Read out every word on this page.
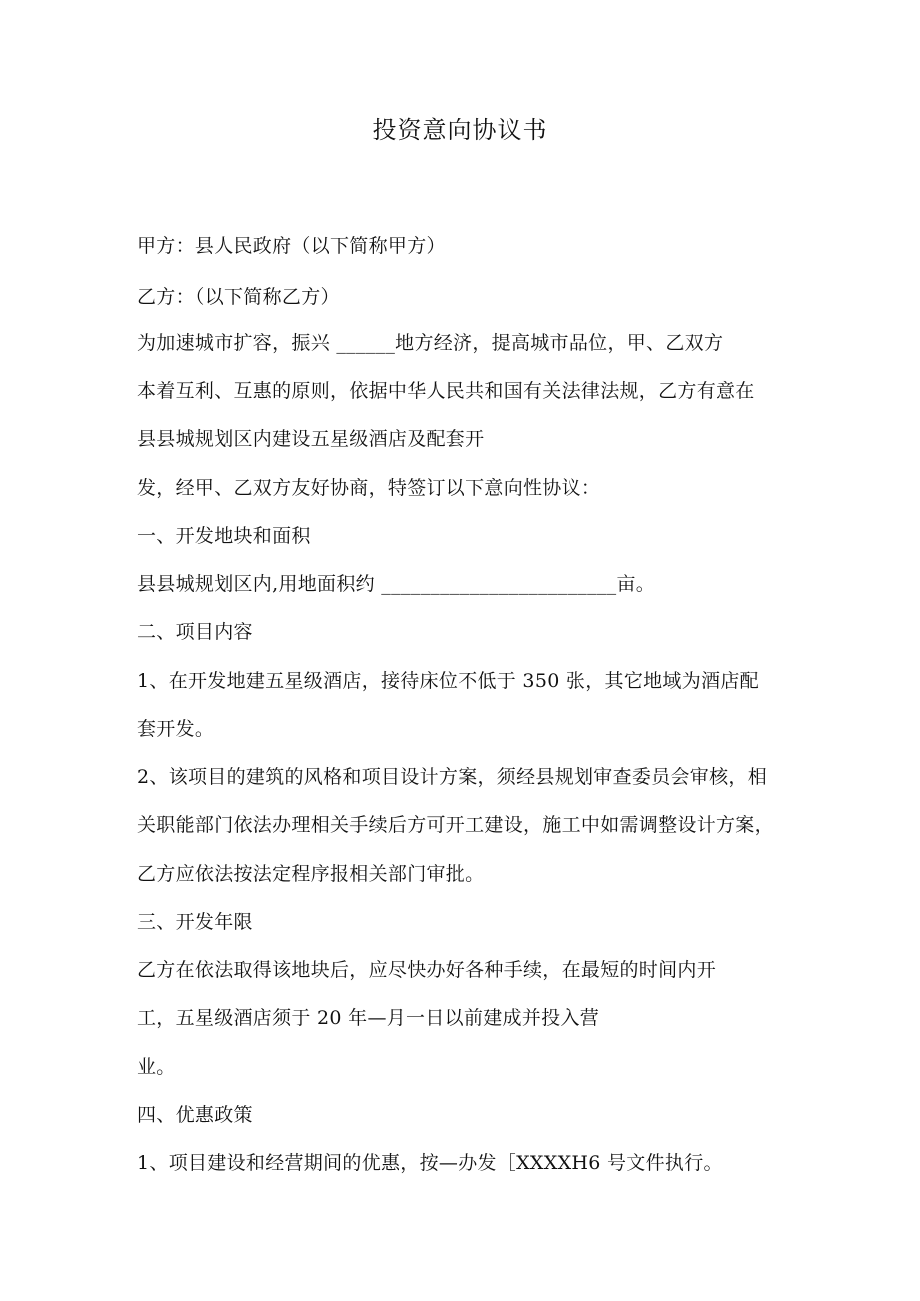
投资意向协议书
甲方：县人民政府（以下简称甲方）
乙方：（以下简称乙方）
为加速城市扩容，振兴 ______地方经济，提高城市品位，甲、乙双方
本着互利、互惠的原则，依据中华人民共和国有关法律法规，乙方有意在
县县城规划区内建设五星级酒店及配套开
发，经甲、乙双方友好协商，特签订以下意向性协议：
一、开发地块和面积
县县城规划区内,用地面积约 ________________________亩。
二、项目内容
1、在开发地建五星级酒店，接待床位不低于 350 张，其它地域为酒店配
套开发。
2、该项目的建筑的风格和项目设计方案，须经县规划审查委员会审核，相
关职能部门依法办理相关手续后方可开工建设，施工中如需调整设计方案，
乙方应依法按法定程序报相关部门审批。
三、开发年限
乙方在依法取得该地块后，应尽快办好各种手续，在最短的时间内开
工，五星级酒店须于 20 年—月一日以前建成并投入营
业。
四、优惠政策
1、项目建设和经营期间的优惠，按—办发［XXXXH6 号文件执行。
